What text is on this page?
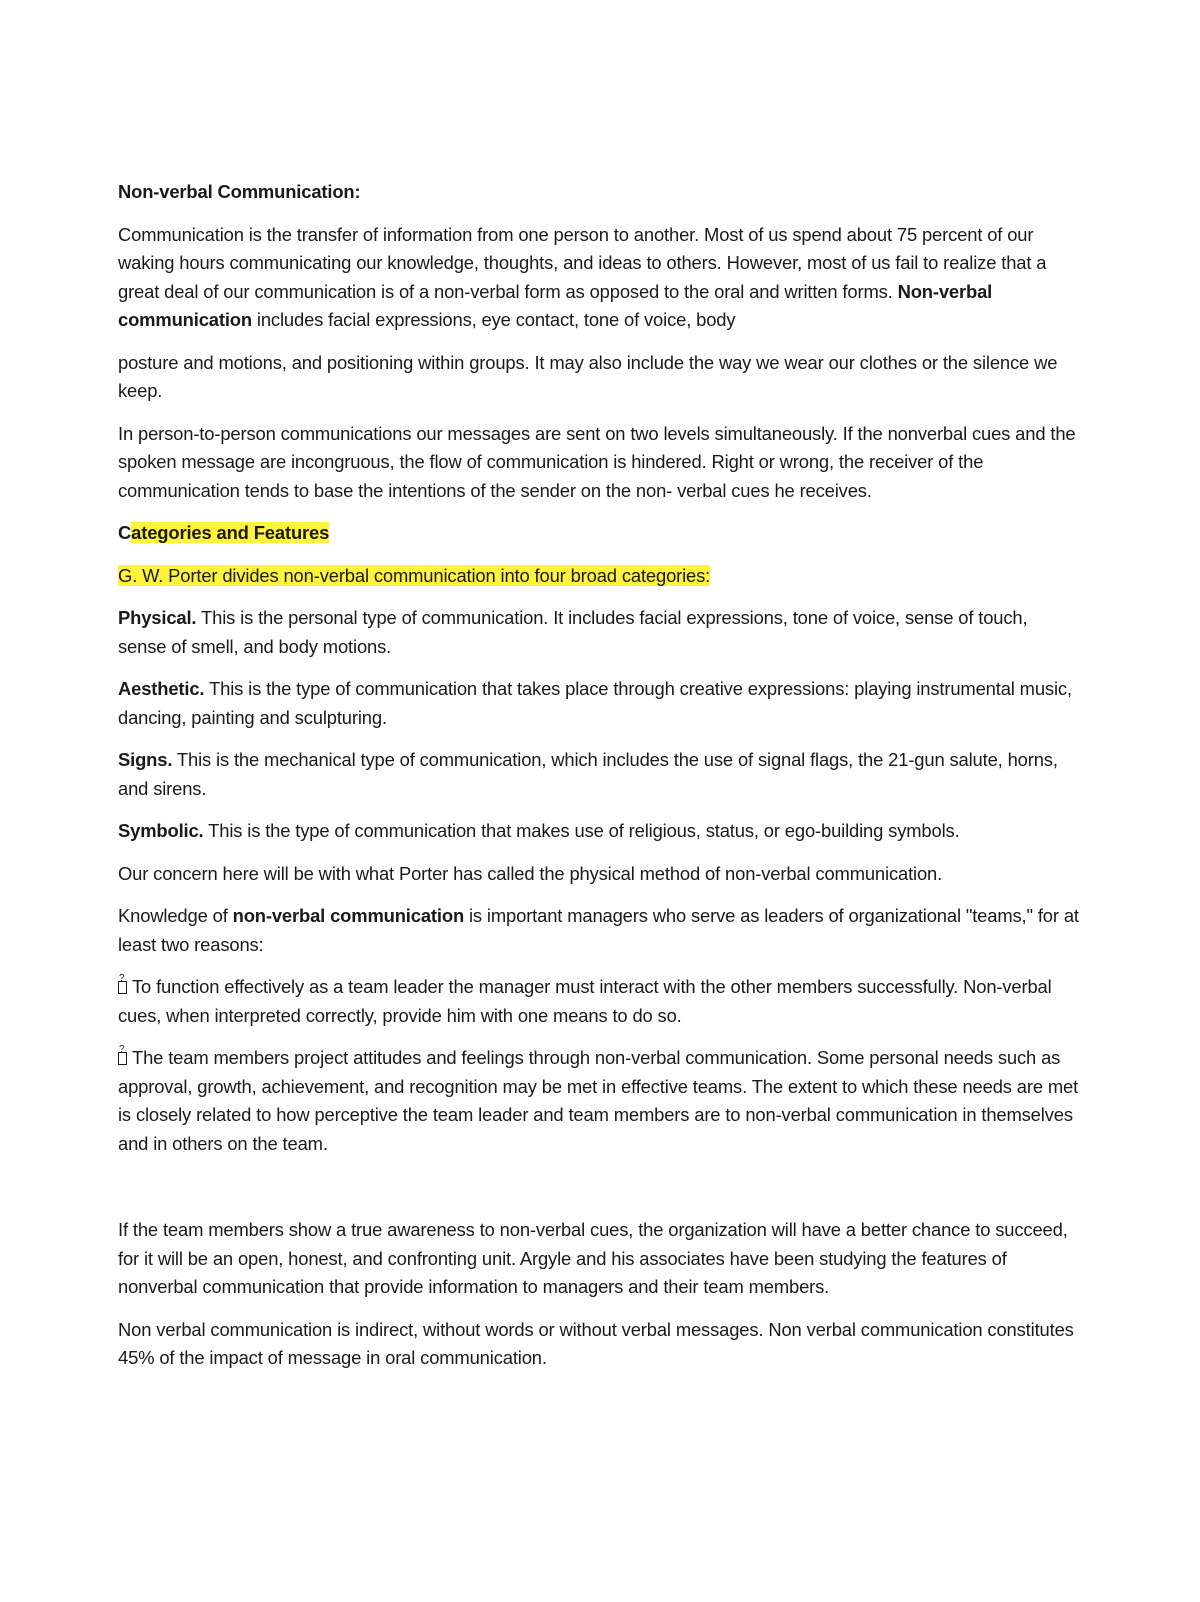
Non-verbal Communication:

Communication is the transfer of information from one person to another. Most of us spend about 75 percent of our waking hours communicating our knowledge, thoughts, and ideas to others. However, most of us fail to realize that a great deal of our communication is of a non-verbal form as opposed to the oral and written forms. Non-verbal communication includes facial expressions, eye contact, tone of voice, body

posture and motions, and positioning within groups. It may also include the way we wear our clothes or the silence we keep.

In person-to-person communications our messages are sent on two levels simultaneously. If the nonverbal cues and the spoken message are incongruous, the flow of communication is hindered. Right or wrong, the receiver of the communication tends to base the intentions of the sender on the non- verbal cues he receives.

Categories and Features

G. W. Porter divides non-verbal communication into four broad categories:

Physical. This is the personal type of communication. It includes facial expressions, tone of voice, sense of touch, sense of smell, and body motions.

Aesthetic. This is the type of communication that takes place through creative expressions: playing instrumental music, dancing, painting and sculpturing.

Signs. This is the mechanical type of communication, which includes the use of signal flags, the 21-gun salute, horns, and sirens.

Symbolic. This is the type of communication that makes use of religious, status, or ego-building symbols.

Our concern here will be with what Porter has called the physical method of non-verbal communication.

Knowledge of non-verbal communication is important managers who serve as leaders of organizational "teams," for at least two reasons:

?To function effectively as a team leader the manager must interact with the other members successfully. Non-verbal cues, when interpreted correctly, provide him with one means to do so.

?The team members project attitudes and feelings through non-verbal communication. Some personal needs such as approval, growth, achievement, and recognition may be met in effective teams. The extent to which these needs are met is closely related to how perceptive the team leader and team members are to non-verbal communication in themselves and in others on the team.

If the team members show a true awareness to non-verbal cues, the organization will have a better chance to succeed, for it will be an open, honest, and confronting unit. Argyle and his associates have been studying the features of nonverbal communication that provide information to managers and their team members.

Non verbal communication is indirect, without words or without verbal messages. Non verbal communication constitutes 45% of the impact of message in oral communication.
